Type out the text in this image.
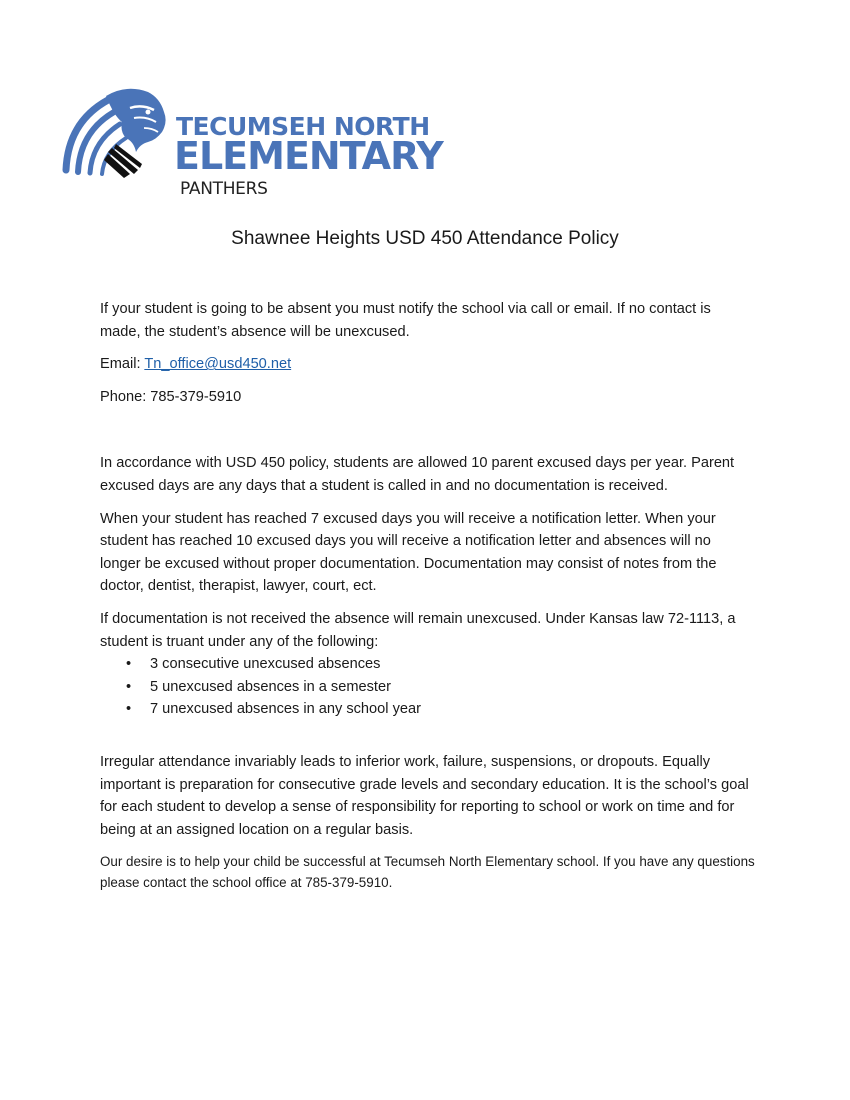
TECUMSEH NORTH
ELEMENTARY
PANTHERS
Shawnee Heights USD 450 Attendance Policy

If your student is going to be absent you must notify the school via call or email. If no contact is made, the student’s absence will be unexcused.

Email: Tn_office@usd450.net

Phone: 785-379-5910

In accordance with USD 450 policy, students are allowed 10 parent excused days per year. Parent excused days are any days that a student is called in and no documentation is received.

When your student has reached 7 excused days you will receive a notification letter. When your student has reached 10 excused days you will receive a notification letter and absences will no longer be excused without proper documentation. Documentation may consist of notes from the doctor, dentist, therapist, lawyer, court, ect.

If documentation is not received the absence will remain unexcused. Under Kansas law 72-1113, a student is truant under any of the following:

• 3 consecutive unexcused absences
• 5 unexcused absences in a semester
• 7 unexcused absences in any school year

Irregular attendance invariably leads to inferior work, failure, suspensions, or dropouts. Equally important is preparation for consecutive grade levels and secondary education. It is the school’s goal for each student to develop a sense of responsibility for reporting to school or work on time and for being at an assigned location on a regular basis.

Our desire is to help your child be successful at Tecumseh North Elementary school. If you have any questions please contact the school office at 785-379-5910.
